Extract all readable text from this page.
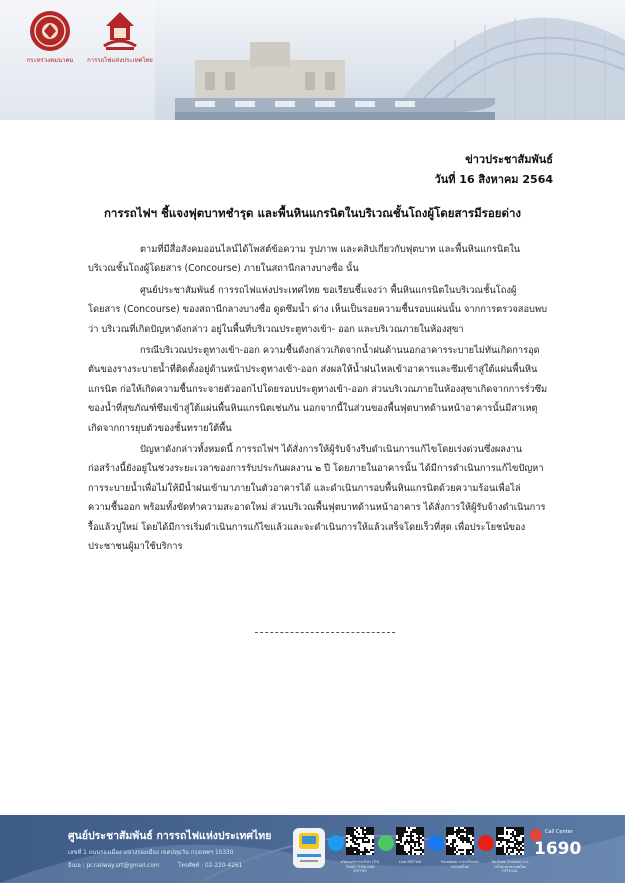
กระทรวงคมนาคม	การรถไฟแห่งประเทศไทย
ข่าวประชาสัมพันธ์
วันที่ 16 สิงหาคม 2564
การรถไฟฯ ชี้แจงฟุตบาทชำรุด และพื้นหินแกรนิตในบริเวณชั้นโถงผู้โดยสารมีรอยด่าง

ตามที่มีสื่อสังคมออนไลน์ได้โพสต์ข้อความ รูปภาพ และคลิปเกี่ยวกับฟุตบาท และพื้นหินแกรนิตในบริเวณชั้นโถงผู้โดยสาร (Concourse) ภายในสถานีกลางบางซื่อ นั้น

ศูนย์ประชาสัมพันธ์ การรถไฟแห่งประเทศไทย ขอเรียนชี้แจงว่า พื้นหินแกรนิตในบริเวณชั้นโถงผู้โดยสาร (Concourse) ของสถานีกลางบางซื่อ ดูดซึมน้ำ ด่าง เห็นเป็นรอยความชื้นรอบแผ่นนั้น จากการตรวจสอบพบว่า บริเวณที่เกิดปัญหาดังกล่าว อยู่ในพื้นที่บริเวณประตูทางเข้า- ออก และบริเวณภายในห้องสุขา

กรณีบริเวณประตูทางเข้า-ออก ความชื้นดังกล่าวเกิดจากน้ำฝนด้านนอกอาคารระบายไม่ทันเกิดการอุดตันของรางระบายน้ำที่ติดตั้งอยู่ด้านหน้าประตูทางเข้า-ออก ส่งผลให้น้ำฝนไหลเข้าอาคารและซึมเข้าสู่ใต้แผ่นพื้นหินแกรนิต ก่อให้เกิดความชื้นกระจายตัวออกไปโดยรอบประตูทางเข้า-ออก ส่วนบริเวณภายในห้องสุขาเกิดจากการรั่วซึมของน้ำที่สุขภัณฑ์ซึมเข้าสู่ใต้แผ่นพื้นหินแกรนิตเช่นกัน นอกจากนี้ในส่วนของพื้นฟุตบาทด้านหน้าอาคารนั้นมีสาเหตุเกิดจากการยุบตัวของชั้นทรายใต้พื้น

ปัญหาดังกล่าวทั้งหมดนี้ การรถไฟฯ ได้สั่งการให้ผู้รับจ้างรีบดำเนินการแก้ไขโดยเร่งด่วนซึ่งผลงานก่อสร้างนี้ยังอยู่ในช่วงระยะเวลาของการรับประกันผลงาน ๒ ปี โดยภายในอาคารนั้น ได้มีการดำเนินการแก้ไขปัญหาการระบายน้ำเพื่อไม่ให้มีน้ำฝนเข้ามาภายในตัวอาคารได้ และดำเนินการอบพื้นหินแกรนิตด้วยความร้อนเพื่อไล่ความชื้นออก พร้อมทั้งขัดทำความสะอาดใหม่ ส่วนบริเวณพื้นฟุตบาทด้านหน้าอาคาร ได้สั่งการให้ผู้รับจ้างดำเนินการรื้อแล้วปูใหม่ โดยได้มีการเริ่มดำเนินการแก้ไขแล้วและจะดำเนินการให้แล้วเสร็จโดยเร็วที่สุด เพื่อประโยชน์ของประชาชนผู้มาใช้บริการ

ศูนย์ประชาสัมพันธ์ การรถไฟแห่งประเทศไทย
เลขที่ 1 ถนนรองเมือง แขวงรองเมือง เขตปทุมวัน กรุงเทพฯ 10330
อีเมล : pr.railway.srt@gmail.com	โทรศัพท์ : 02-220-4261
ทวิตเตอร์การรถไฟฯ (TH) TRAIN THAILAND SRTTHR
Line SRTThai	Facebook การรถไฟแห่งประเทศไทย
YouTube Channel การรถไฟแห่งประเทศไทย OFFICIAL
Call Center
1690
